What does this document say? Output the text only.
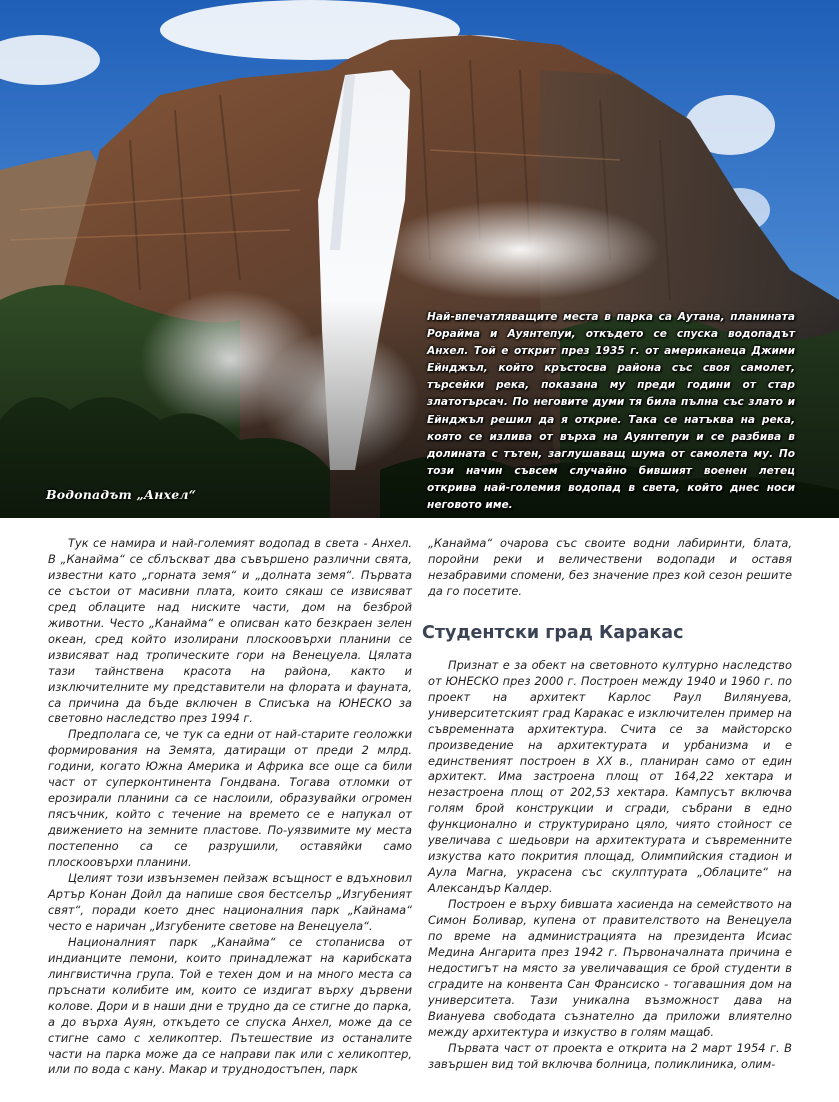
Най-впечатляващите места в парка са Аутана, планината Рорайма и Ауянтепуи, откъдето се спуска водопадът Анхел. Той е открит през 1935 г. от американеца Джими Ейнджъл, който кръстосва района със своя самолет, търсейки река, показана му преди години от стар златотърсач. По неговите думи тя била пълна със злато и Ейнджъл решил да я открие. Така се натъква на река, която се излива от върха на Ауянтепуи и се разбива в долината с тътен, заглушаващ шума от самолета му. По този начин съвсем случайно бившият военен летец открива най-големия водопад в света, който днес носи неговото име.
Водопадът „Анхел“

Тук се намира и най-големият водопад в света - Анхел. В „Канайма“ се сблъскват два съвършено различни свята, известни като „горната земя“ и „долната земя“. Първата се състои от масивни плата, които сякаш се извисяват сред облаците над ниските части, дом на безброй животни. Често „Канайма“ е описван като безкраен зелен океан, сред който изолирани плоскоовърхи планини се извисяват над тропическите гори на Венецуела. Цялата тази тайнствена красота на района, както и изключителните му представители на флората и фауната, са причина да бъде включен в Списъка на ЮНЕСКО за световно наследство през 1994 г.

Предполага се, че тук са едни от най-старите геоложки формирования на Земята, датиращи от преди 2 млрд. години, когато Южна Америка и Африка все още са били част от суперконтинента Гондвана. Тогава отломки от ерозирали планини са се наслоили, образувайки огромен пясъчник, който с течение на времето се е напукал от движението на земните пластове. По-уязвимите му места постепенно са се разрушили, оставяйки само плоскоовърхи планини.

Целият този извънземен пейзаж всъщност е вдъхновил Артър Конан Дойл да напише своя бестселър „Изгубеният свят“, поради което днес националния парк „Кайнама“ често е наричан „Изгубените светове на Венецуела“.

Националният парк „Канайма“ се стопанисва от индианците пемони, които принадлежат на карибската лингвистична група. Той е техен дом и на много места са пръснати колибите им, които се издигат върху дървени колове. Дори и в наши дни е трудно да се стигне до парка, а до върха Ауян, откъдето се спуска Анхел, може да се стигне само с хеликоптер. Пътешествие из останалите части на парка може да се направи пак или с хеликоптер, или по вода с кану. Макар и труднодостъпен, парк

„Канайма“ очарова със своите водни лабиринти, блата, поройни реки и величествени водопади и оставя незабравими спомени, без значение през кой сезон решите да го посетите.

Студентски град Каракас

Признат е за обект на световното културно наследство от ЮНЕСКО през 2000 г. Построен между 1940 и 1960 г. по проект на архитект Карлос Раул Вилянуева, университетският град Каракас е изключителен пример на съвременната архитектура. Счита се за майсторско произведение на архитектурата и урбанизма и е единственият построен в XX в., планиран само от един архитект. Има застроена площ от 164,22 хектара и незастроена площ от 202,53 хектара. Кампусът включва голям брой конструкции и сгради, събрани в едно функционално и структурирано цяло, чиято стойност се увеличава с шедьоври на архитектурата и съвременните изкуства като покрития площад, Олимпийския стадион и Аула Магна, украсена със скулптурата „Облаците“ на Александър Калдер.

Построен е върху бившата хасиенда на семейството на Симон Боливар, купена от правителството на Венецуела по време на администрацията на президента Исиас Медина Ангарита през 1942 г. Първоначалната причина е недостигът на място за увеличаващия се брой студенти в сградите на конвента Сан Франсиско - тогавашния дом на университета. Тази уникална възможност дава на Виануева свободата съзнателно да приложи влиятелно между архитектура и изкуство в голям мащаб.

Първата част от проекта е открита на 2 март 1954 г. В завършен вид той включва болница, поликлиника, олим-
